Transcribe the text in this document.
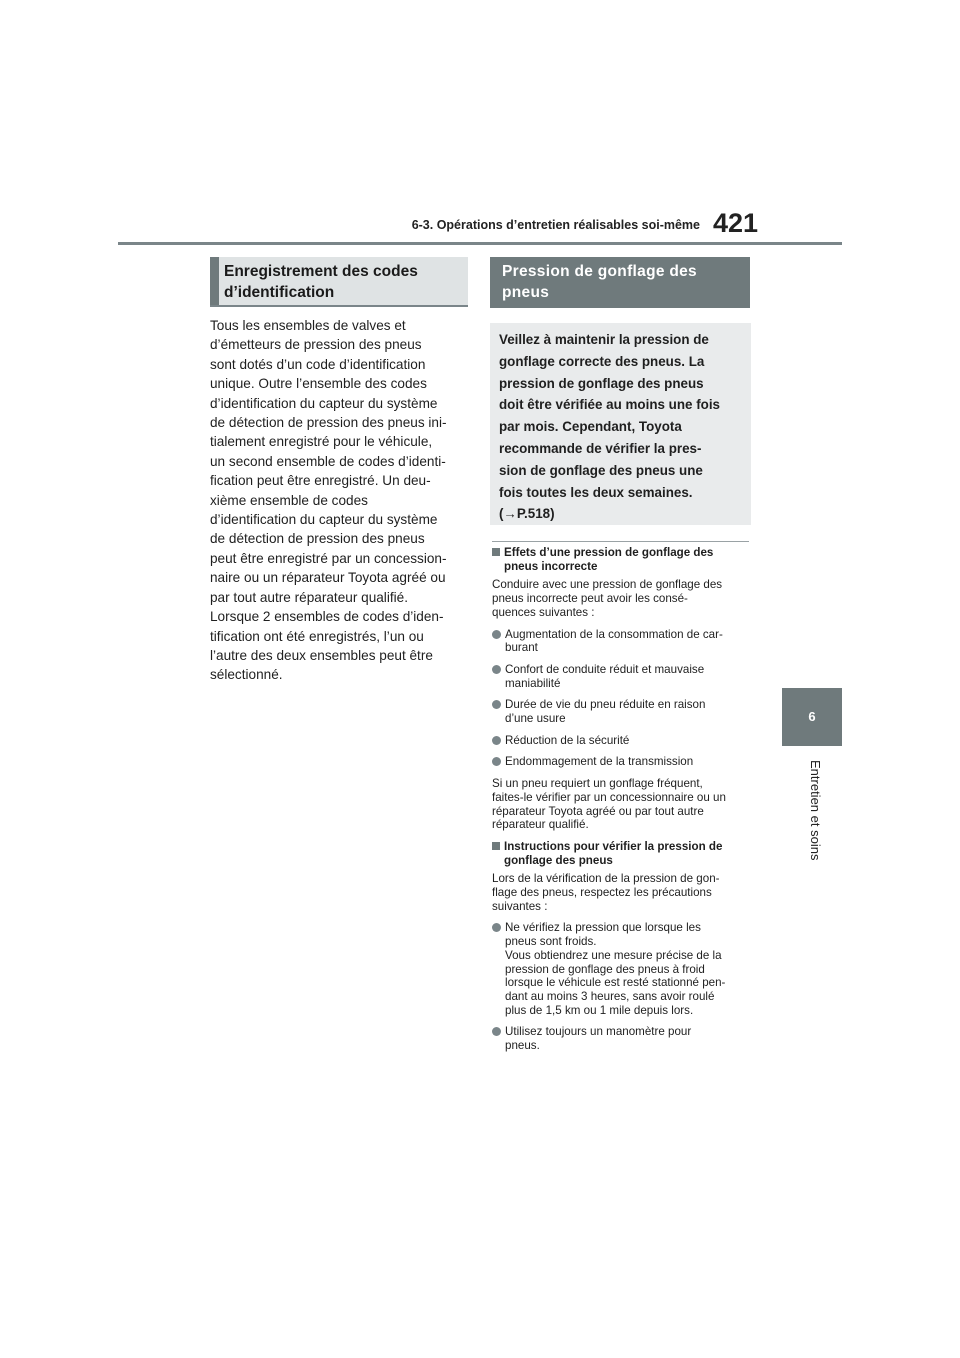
6-3. Opérations d’entretien réalisables soi-même 421
6
Entretien et soins
Enregistrement des codes
d’identification
Tous les ensembles de valves et
d’émetteurs de pression des pneus
sont dotés d’un code d’identification
unique. Outre l’ensemble des codes
d’identification du capteur du système
de détection de pression des pneus ini-
tialement enregistré pour le véhicule,
un second ensemble de codes d’identi-
fication peut être enregistré. Un deu-
xième ensemble de codes
d’identification du capteur du système
de détection de pression des pneus
peut être enregistré par un concession-
naire ou un réparateur Toyota agréé ou
par tout autre réparateur qualifié.
Lorsque 2 ensembles de codes d’iden-
tification ont été enregistrés, l’un ou
l’autre des deux ensembles peut être
sélectionné.
Pression de gonflage des
pneus
Veillez à maintenir la pression de
gonflage correcte des pneus. La
pression de gonflage des pneus
doit être vérifiée au moins une fois
par mois. Cependant, Toyota
recommande de vérifier la pres-
sion de gonflage des pneus une
fois toutes les deux semaines.
(→P.518)
Effets d’une pression de gonflage des
pneus incorrecte
Conduire avec une pression de gonflage des
pneus incorrecte peut avoir les consé-
quences suivantes :
Augmentation de la consommation de car-
burant
Confort de conduite réduit et mauvaise
maniabilité
Durée de vie du pneu réduite en raison
d’une usure
Réduction de la sécurité
Endommagement de la transmission
Si un pneu requiert un gonflage fréquent,
faites-le vérifier par un concessionnaire ou un
réparateur Toyota agréé ou par tout autre
réparateur qualifié.
Instructions pour vérifier la pression de
gonflage des pneus
Lors de la vérification de la pression de gon-
flage des pneus, respectez les précautions
suivantes :
Ne vérifiez la pression que lorsque les
pneus sont froids.
Vous obtiendrez une mesure précise de la
pression de gonflage des pneus à froid
lorsque le véhicule est resté stationné pen-
dant au moins 3 heures, sans avoir roulé
plus de 1,5 km ou 1 mile depuis lors.
Utilisez toujours un manomètre pour
pneus.
